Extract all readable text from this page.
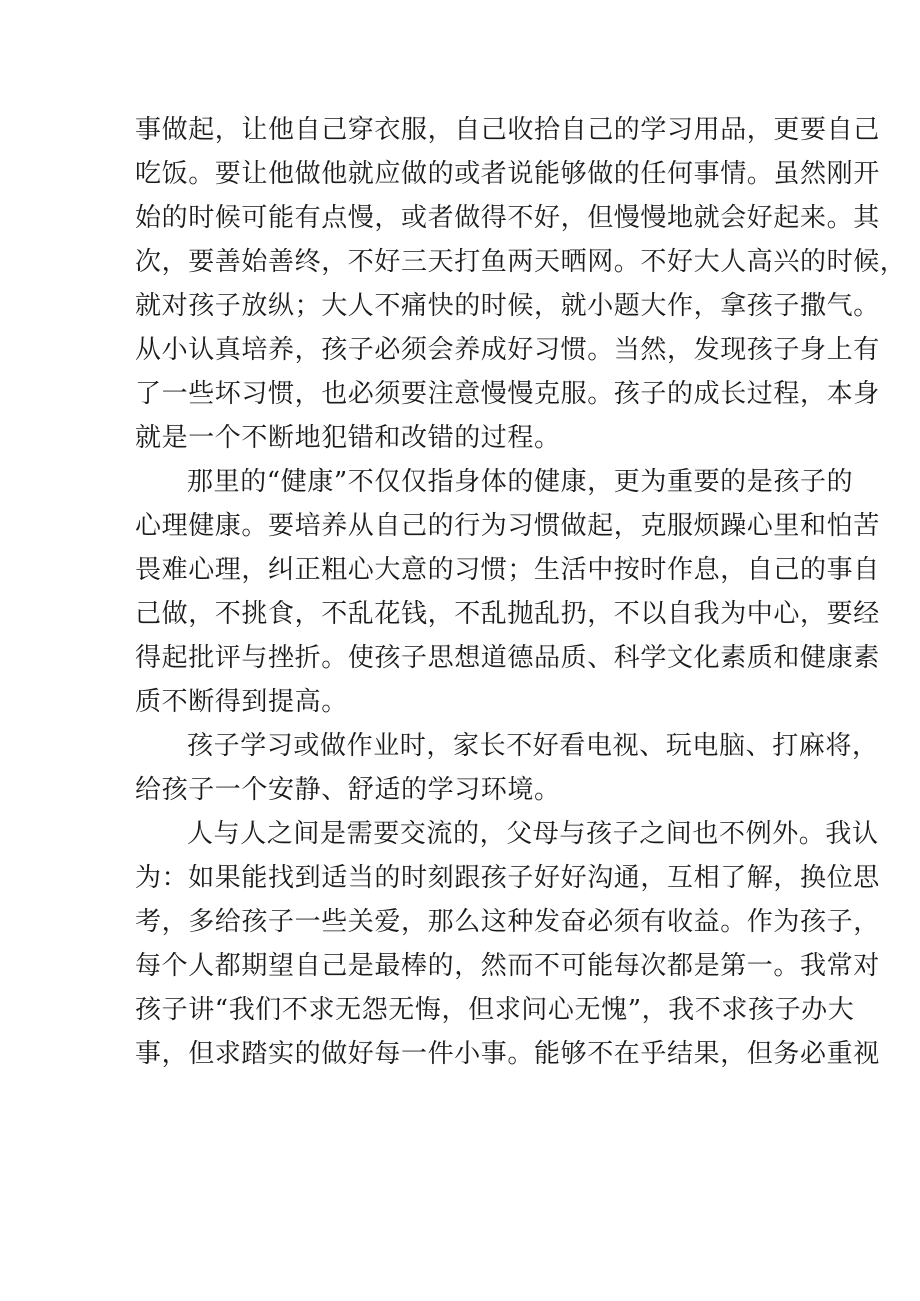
事做起，让他自己穿衣服，自己收拾自己的学习用品，更要自己
吃饭。要让他做他就应做的或者说能够做的任何事情。虽然刚开
始的时候可能有点慢，或者做得不好，但慢慢地就会好起来。其
次，要善始善终，不好三天打鱼两天晒网。不好大人高兴的时候，
就对孩子放纵；大人不痛快的时候，就小题大作，拿孩子撒气。
从小认真培养，孩子必须会养成好习惯。当然，发现孩子身上有
了一些坏习惯，也必须要注意慢慢克服。孩子的成长过程，本身
就是一个不断地犯错和改错的过程。
那里的“健康”不仅仅指身体的健康，更为重要的是孩子的
心理健康。要培养从自己的行为习惯做起，克服烦躁心里和怕苦
畏难心理，纠正粗心大意的习惯；生活中按时作息，自己的事自
己做，不挑食，不乱花钱，不乱抛乱扔，不以自我为中心，要经
得起批评与挫折。使孩子思想道德品质、科学文化素质和健康素
质不断得到提高。
孩子学习或做作业时，家长不好看电视、玩电脑、打麻将，
给孩子一个安静、舒适的学习环境。
人与人之间是需要交流的，父母与孩子之间也不例外。我认
为：如果能找到适当的时刻跟孩子好好沟通，互相了解，换位思
考，多给孩子一些关爱，那么这种发奋必须有收益。作为孩子，
每个人都期望自己是最棒的，然而不可能每次都是第一。我常对
孩子讲“我们不求无怨无悔，但求问心无愧”，我不求孩子办大
事，但求踏实的做好每一件小事。能够不在乎结果，但务必重视
